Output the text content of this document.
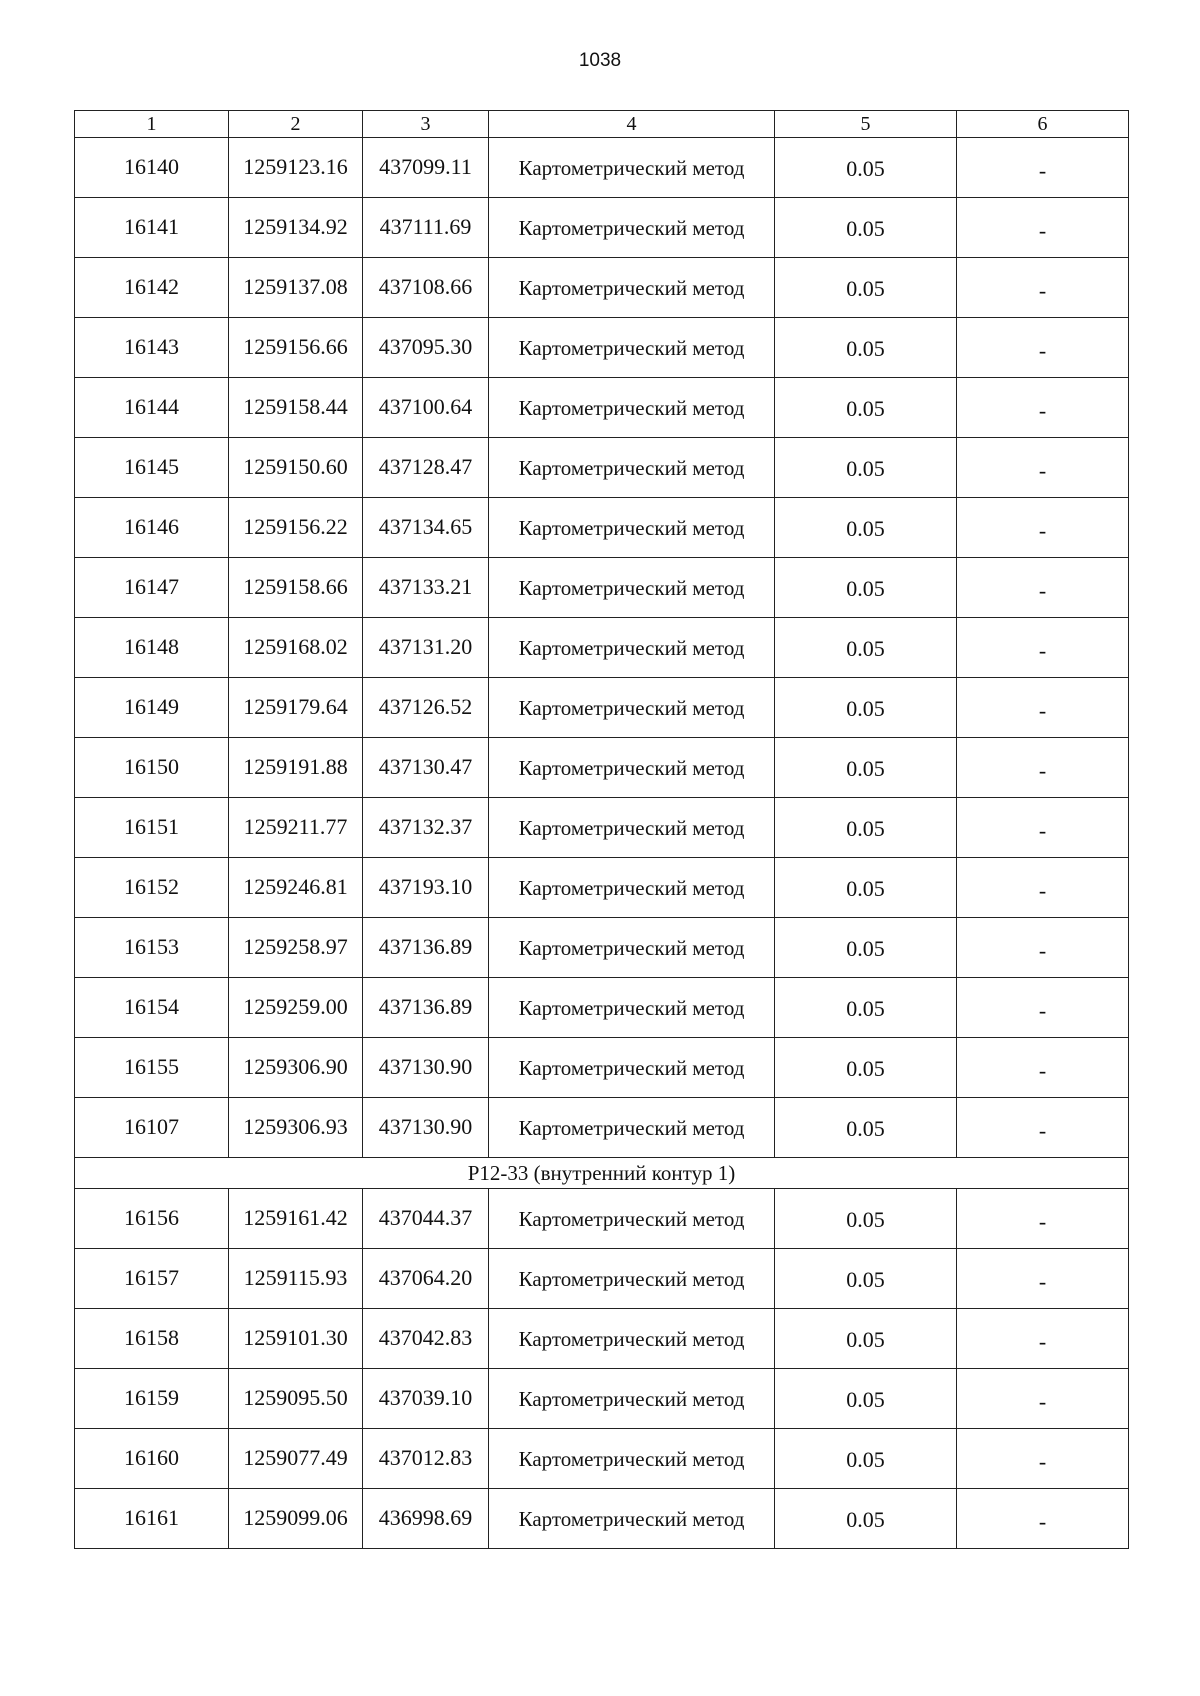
1038
1	2	3	4	5	6
16140	1259123.16	437099.11	Картометрический метод	0.05	-
16141	1259134.92	437111.69	Картометрический метод	0.05	-
16142	1259137.08	437108.66	Картометрический метод	0.05	-
16143	1259156.66	437095.30	Картометрический метод	0.05	-
16144	1259158.44	437100.64	Картометрический метод	0.05	-
16145	1259150.60	437128.47	Картометрический метод	0.05	-
16146	1259156.22	437134.65	Картометрический метод	0.05	-
16147	1259158.66	437133.21	Картометрический метод	0.05	-
16148	1259168.02	437131.20	Картометрический метод	0.05	-
16149	1259179.64	437126.52	Картометрический метод	0.05	-
16150	1259191.88	437130.47	Картометрический метод	0.05	-
16151	1259211.77	437132.37	Картометрический метод	0.05	-
16152	1259246.81	437193.10	Картометрический метод	0.05	-
16153	1259258.97	437136.89	Картометрический метод	0.05	-
16154	1259259.00	437136.89	Картометрический метод	0.05	-
16155	1259306.90	437130.90	Картометрический метод	0.05	-
16107	1259306.93	437130.90	Картометрический метод	0.05	-
Р12-33 (внутренний контур 1)					
16156	1259161.42	437044.37	Картометрический метод	0.05	-
16157	1259115.93	437064.20	Картометрический метод	0.05	-
16158	1259101.30	437042.83	Картометрический метод	0.05	-
16159	1259095.50	437039.10	Картометрический метод	0.05	-
16160	1259077.49	437012.83	Картометрический метод	0.05	-
16161	1259099.06	436998.69	Картометрический метод	0.05	-
